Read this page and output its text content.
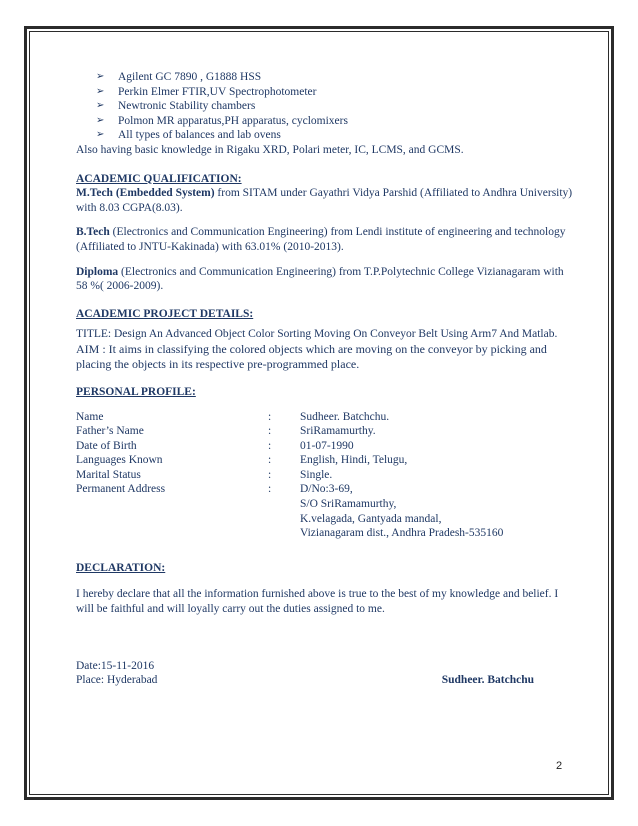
➢ Agilent GC 7890 , G1888 HSS
➢ Perkin Elmer FTIR,UV Spectrophotometer
➢ Newtronic Stability chambers
➢ Polmon MR apparatus,PH apparatus, cyclomixers
➢ All types of balances and lab ovens

Also having basic knowledge in Rigaku XRD, Polari meter, IC, LCMS, and GCMS.

ACADEMIC QUALIFICATION:

M.Tech (Embedded System) from SITAM under Gayathri Vidya Parshid (Affiliated to Andhra University) with 8.03 CGPA(8.03).

B.Tech (Electronics and Communication Engineering) from Lendi institute of engineering and technology (Affiliated to JNTU-Kakinada) with 63.01% (2010-2013).

Diploma (Electronics and Communication Engineering) from T.P.Polytechnic College Vizianagaram with 58 %( 2006-2009).

ACADEMIC PROJECT DETAILS:

TITLE: Design An Advanced Object Color Sorting Moving On Conveyor Belt Using Arm7 And Matlab.

AIM : It aims in classifying the colored objects which are moving on the conveyor by picking and placing the objects in its respective pre-programmed place.

PERSONAL PROFILE:

Name	:	Sudheer. Batchchu.
Father’s Name	:	SriRamamurthy.
Date of Birth	:	01-07-1990
Languages Known	:	English, Hindi, Telugu,
Marital Status	:	Single.
Permanent Address	:	D/No:3-69,
S/O SriRamamurthy,
K.velagada, Gantyada mandal,
Vizianagaram dist., Andhra Pradesh-535160

DECLARATION:

I hereby declare that all the information furnished above is true to the best of my knowledge and belief. I will be faithful and will loyally carry out the duties assigned to me.

Date:15-11-2016

Place: Hyderabad	Sudheer. Batchchu
2
